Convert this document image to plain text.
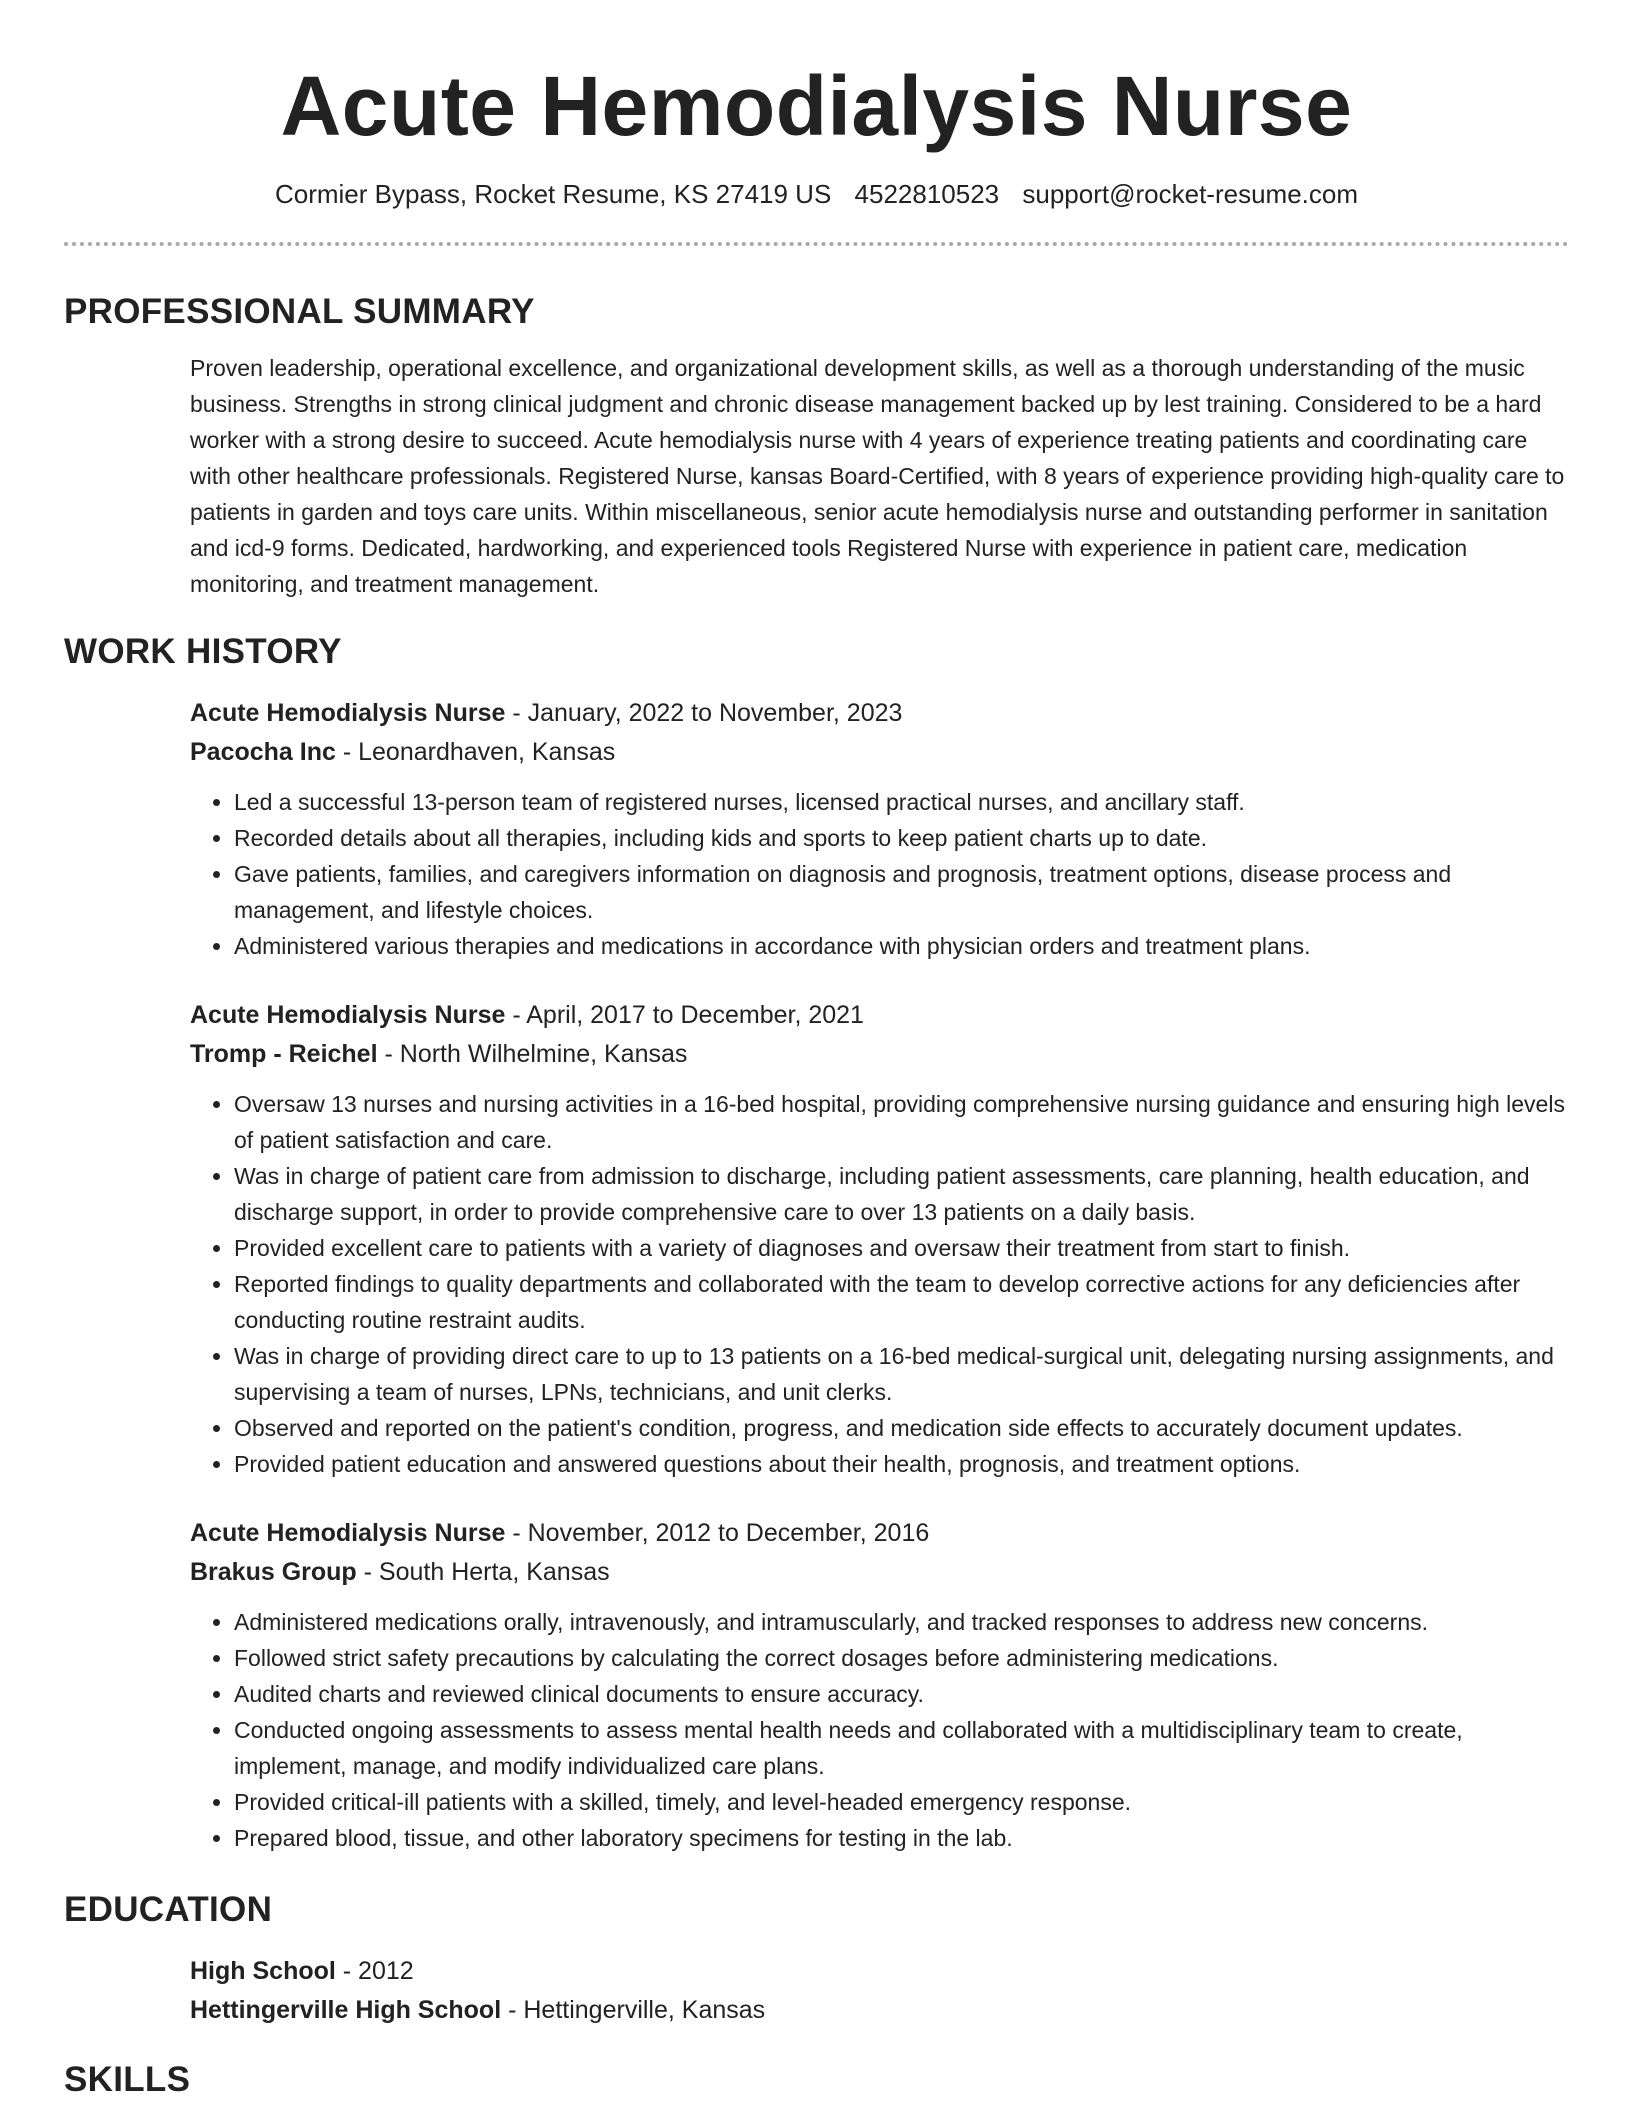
Acute Hemodialysis Nurse
Cormier Bypass, Rocket Resume, KS 27419 US 4522810523 support@rocket-resume.com
PROFESSIONAL SUMMARY

Proven leadership, operational excellence, and organizational development skills, as well as a thorough understanding of the music business. Strengths in strong clinical judgment and chronic disease management backed up by lest training. Considered to be a hard worker with a strong desire to succeed. Acute hemodialysis nurse with 4 years of experience treating patients and coordinating care with other healthcare professionals. Registered Nurse, kansas Board-Certified, with 8 years of experience providing high-quality care to patients in garden and toys care units. Within miscellaneous, senior acute hemodialysis nurse and outstanding performer in sanitation and icd-9 forms. Dedicated, hardworking, and experienced tools Registered Nurse with experience in patient care, medication monitoring, and treatment management.

WORK HISTORY
Acute Hemodialysis Nurse - January, 2022 to November, 2023
Pacocha Inc - Leonardhaven, Kansas
• Led a successful 13-person team of registered nurses, licensed practical nurses, and ancillary staff.
• Recorded details about all therapies, including kids and sports to keep patient charts up to date.
• Gave patients, families, and caregivers information on diagnosis and prognosis, treatment options, disease process and management, and lifestyle choices.
• Administered various therapies and medications in accordance with physician orders and treatment plans.
Acute Hemodialysis Nurse - April, 2017 to December, 2021
Tromp - Reichel - North Wilhelmine, Kansas
• Oversaw 13 nurses and nursing activities in a 16-bed hospital, providing comprehensive nursing guidance and ensuring high levels of patient satisfaction and care.
• Was in charge of patient care from admission to discharge, including patient assessments, care planning, health education, and discharge support, in order to provide comprehensive care to over 13 patients on a daily basis.
• Provided excellent care to patients with a variety of diagnoses and oversaw their treatment from start to finish.
• Reported findings to quality departments and collaborated with the team to develop corrective actions for any deficiencies after conducting routine restraint audits.
• Was in charge of providing direct care to up to 13 patients on a 16-bed medical-surgical unit, delegating nursing assignments, and supervising a team of nurses, LPNs, technicians, and unit clerks.
• Observed and reported on the patient's condition, progress, and medication side effects to accurately document updates.
• Provided patient education and answered questions about their health, prognosis, and treatment options.
Acute Hemodialysis Nurse - November, 2012 to December, 2016
Brakus Group - South Herta, Kansas
• Administered medications orally, intravenously, and intramuscularly, and tracked responses to address new concerns.
• Followed strict safety precautions by calculating the correct dosages before administering medications.
• Audited charts and reviewed clinical documents to ensure accuracy.
• Conducted ongoing assessments to assess mental health needs and collaborated with a multidisciplinary team to create, implement, manage, and modify individualized care plans.
• Provided critical-ill patients with a skilled, timely, and level-headed emergency response.
• Prepared blood, tissue, and other laboratory specimens for testing in the lab.
EDUCATION
High School - 2012
Hettingerville High School - Hettingerville, Kansas
SKILLS
